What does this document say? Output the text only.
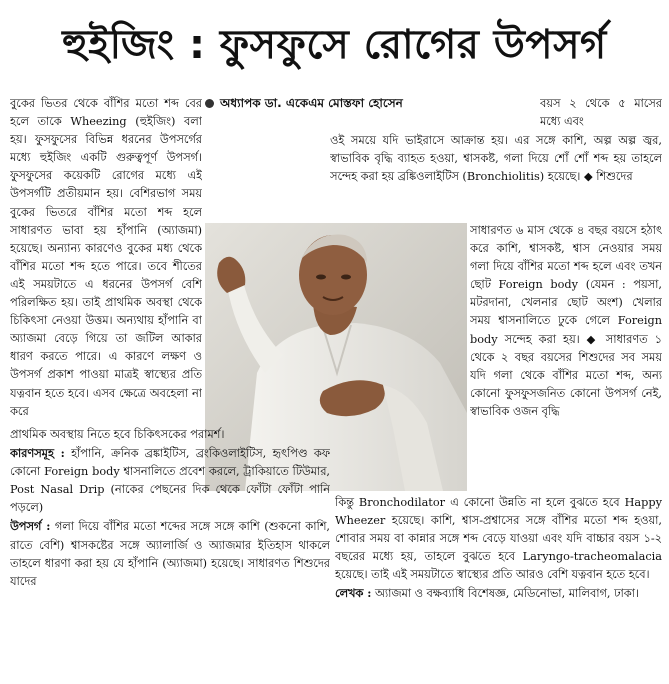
হুইজিং : ফুসফুসে রোগের উপসর্গ
অধ্যাপক ডা. একেএম মোস্তফা হোসেন
বুকের ভিতর থেকে বাঁশির মতো শব্দ বের হলে তাকে Wheezing (হুইজিং) বলা হয়। ফুসফুসের বিভিন্ন ধরনের উপসর্গের মধ্যে হুইজিং একটি গুরুত্বপূর্ণ উপসর্গ। ফুসফুসের কয়েকটি রোগের মধ্যে এই উপসর্গটি প্রতীয়মান হয়। বেশিরভাগ সময় বুকের ভিতরে বাঁশির মতো শব্দ হলে সাধারণত ভাবা হয় হাঁপানি (অ্যাজমা) হয়েছে। অন্যান্য কারণেও বুকের মধ্য থেকে বাঁশির মতো শব্দ হতে পারে। তবে শীতের এই সময়টাতে এ ধরনের উপসর্গ বেশি পরিলক্ষিত হয়। তাই প্রাথমিক অবস্থা থেকে চিকিৎসা নেওয়া উত্তম। অন্যথায় হাঁপানি বা অ্যাজমা বেড়ে গিয়ে তা জটিল আকার ধারণ করতে পারে। এ কারণে লক্ষণ ও উপসর্গ প্রকাশ পাওয়া মাত্রই স্বাস্থ্যের প্রতি যত্নবান হতে হবে। এসব ক্ষেত্রে অবহেলা না করে
বয়স ২ থেকে ৫ মাসের মধ্যে এবং
ওই সময়ে যদি ভাইরাসে আক্রান্ত হয়। এর সঙ্গে কাশি, অল্প অল্প জ্বর, স্বাভাবিক বৃদ্ধি ব্যাহত হওয়া, শ্বাসকষ্ট, গলা দিয়ে শোঁ শোঁ শব্দ হয় তাহলে সন্দেহ করা হয় ব্রঙ্কিওলাইটিস (Bronchiolitis) হয়েছে। ◆ শিশুদের
সাধারণত ৬ মাস থেকে ৪ বছর বয়সে হঠাৎ করে কাশি, শ্বাসকষ্ট, শ্বাস নেওয়ার সময় গলা দিয়ে বাঁশির মতো শব্দ হলে এবং তখন ছোট Foreign body (যেমন : পয়সা, মটরদানা, খেলনার ছোট অংশ) খেলার সময় শ্বাসনালিতে ঢুকে গেলে Foreign body সন্দেহ করা হয়। ◆ সাধারণত ১ থেকে ২ বছর বয়সের শিশুদের সব সময় যদি গলা থেকে বাঁশির মতো শব্দ, অন্য কোনো ফুসফুসজনিত কোনো উপসর্গ নেই, স্বাভাবিক ওজন বৃদ্ধি
প্রাথমিক অবস্থায় নিতে হবে চিকিৎসকের পরামর্শ।
কারণসমূহ : হাঁপানি, ক্রনিক ব্রঙ্কাইটিস, ব্রংকিওলাইটিস, হৃৎপিণ্ড কফ কোনো Foreign body শ্বাসনালিতে প্রবেশ করলে, ট্রাকিয়াতে টিউমার, Post Nasal Drip (নাকের পেছনের দিক থেকে ফোঁটা ফোঁটা পানি পড়লে)
উপসর্গ : গলা দিয়ে বাঁশির মতো শব্দের সঙ্গে সঙ্গে কাশি (শুকনো কাশি, রাতে বেশি) শ্বাসকষ্টের সঙ্গে অ্যালার্জি ও অ্যাজমার ইতিহাস থাকলে তাহলে ধারণা করা হয় যে হাঁপানি (অ্যাজমা) হয়েছে। সাধারণত শিশুদের যাদের
কিন্তু Bronchodilator এ কোনো উন্নতি না হলে বুঝতে হবে Happy Wheezer হয়েছে। কাশি, শ্বাস-প্রশ্বাসের সঙ্গে বাঁশির মতো শব্দ হওয়া, শোবার সময় বা কান্নার সঙ্গে শব্দ বেড়ে যাওয়া এবং যদি বাচ্চার বয়স ১-২ বছরের মধ্যে হয়, তাহলে বুঝতে হবে Laryngo-tracheomalacia হয়েছে। তাই এই সময়টাতে স্বাস্থ্যের প্রতি আরও বেশি যত্নবান হতে হবে।
লেখক : অ্যাজমা ও বক্ষব্যাধি বিশেষজ্ঞ, মেডিনোভা, মালিবাগ, ঢাকা।
